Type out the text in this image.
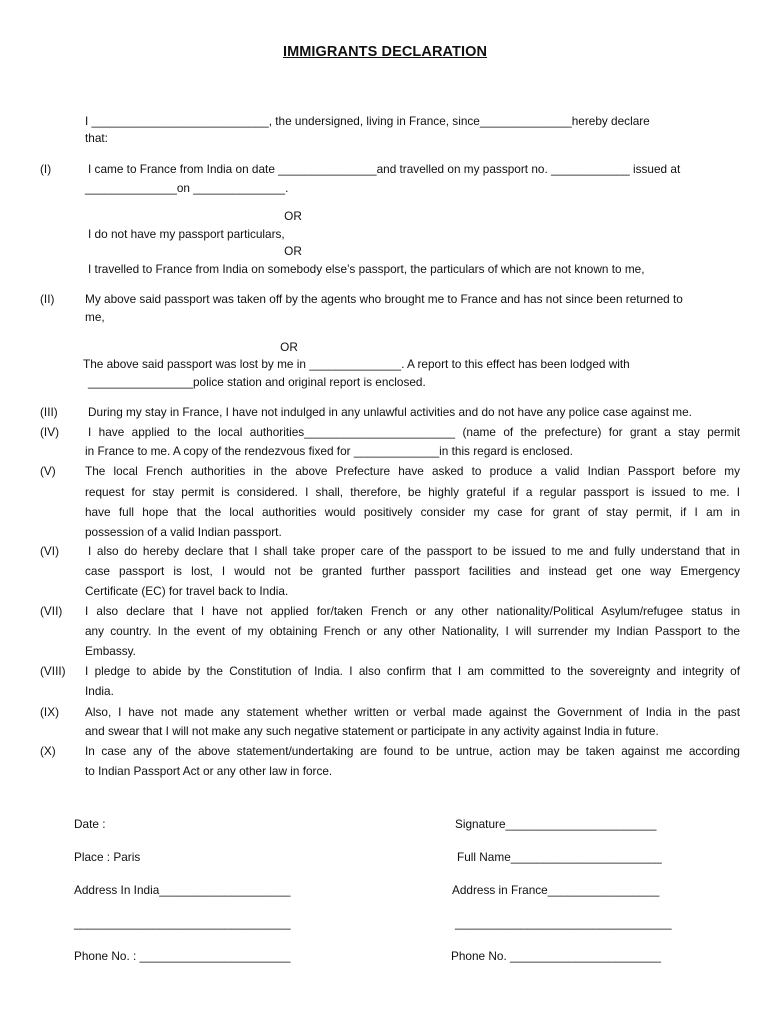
IMMIGRANTS DECLARATION
I ___________________________, the undersigned, living in France, since______________hereby declare
that:
(I)	I came to France from India on date _______________and travelled on my passport no. ____________ issued at
______________on ______________.
OR
I do not have my passport particulars,
OR
I travelled to France from India on somebody else’s passport, the particulars of which are not known to me,
(II)	My above said passport was taken off by the agents who brought me to France and has not since been returned to
me,
OR
The above said passport was lost by me in ______________. A report to this effect has been lodged with
________________police station and original report is enclosed.
(III)	During my stay in France, I have not indulged in any unlawful activities and do not have any police case against me.
(IV) I have applied to the local authorities_______________________ (name of the prefecture) for grant a stay permit
in France to me. A copy of the rendezvous fixed for _____________in this regard is enclosed.
(V) The local French authorities in the above Prefecture have asked to produce a valid Indian Passport before my
request for stay permit is considered. I shall, therefore, be highly grateful if a regular passport is issued to me. I
have full hope that the local authorities would positively consider my case for grant of stay permit, if I am in
possession of a valid Indian passport.
(VI) I also do hereby declare that I shall take proper care of the passport to be issued to me and fully understand that in
case passport is lost, I would not be granted further passport facilities and instead get one way Emergency
Certificate (EC) for travel back to India.
(VII) I also declare that I have not applied for/taken French or any other nationality/Political Asylum/refugee status in
any country. In the event of my obtaining French or any other Nationality, I will surrender my Indian Passport to the
Embassy.
(VIII) I pledge to abide by the Constitution of India. I also confirm that I am committed to the sovereignty and integrity of
India.
(IX) Also, I have not made any statement whether written or verbal made against the Government of India in the past
and swear that I will not make any such negative statement or participate in any activity against India in future.
(X) In case any of the above statement/undertaking are found to be untrue, action may be taken against me according
to Indian Passport Act or any other law in force.
Date :	Signature_______________________
Place : Paris	Full Name_______________________
Address In India____________________	Address in France_________________
_________________________________	_________________________________
Phone No. : _______________________	Phone No. _______________________
